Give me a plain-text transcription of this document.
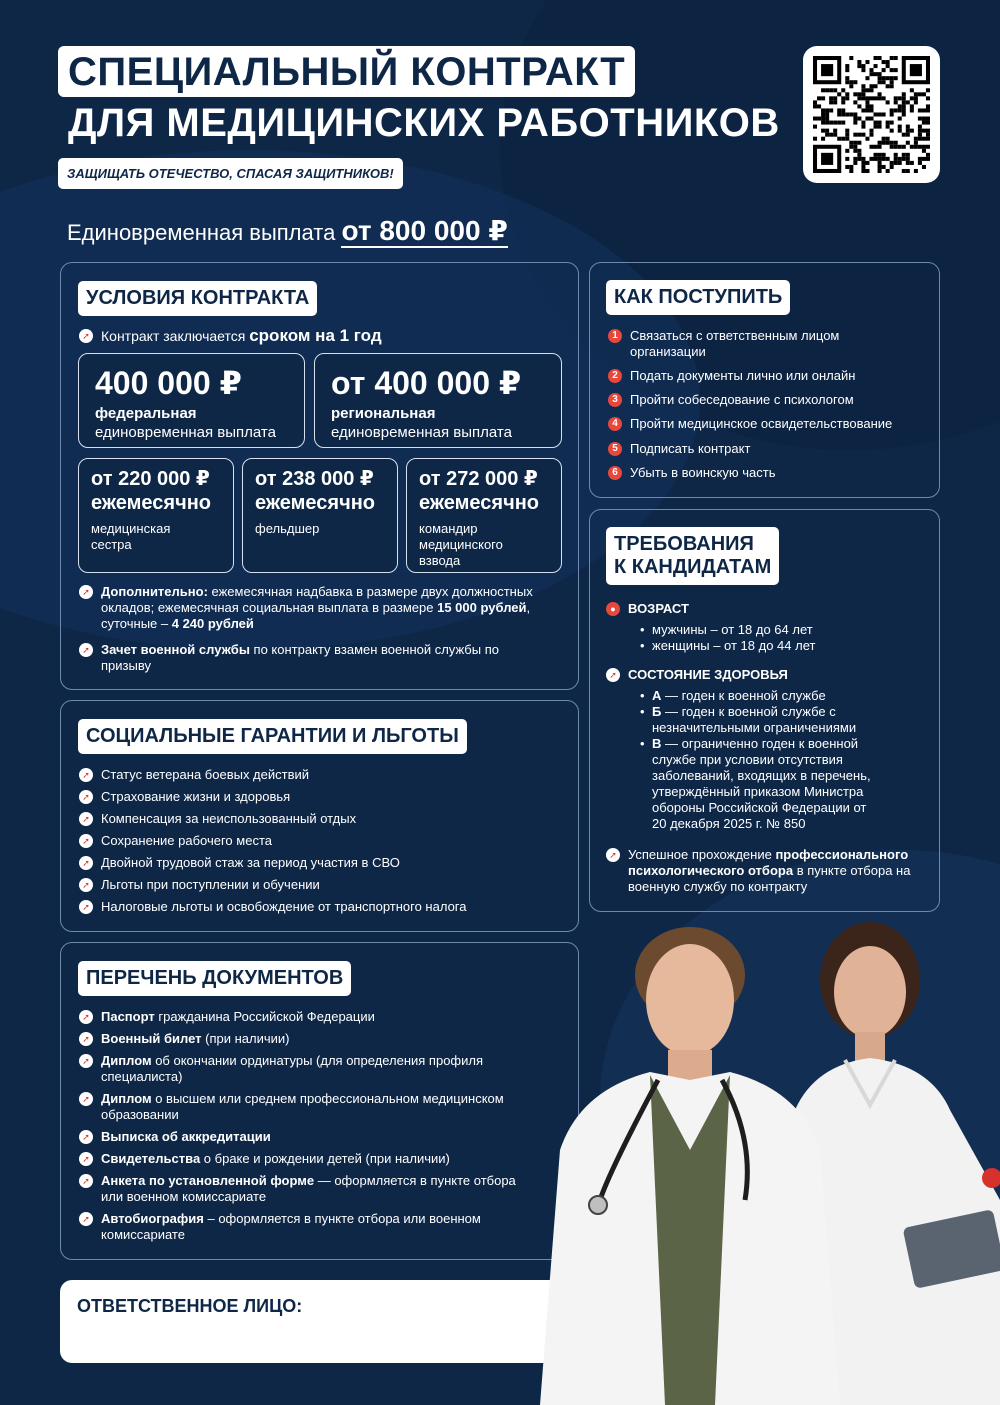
СПЕЦИАЛЬНЫЙ КОНТРАКТ
ДЛЯ МЕДИЦИНСКИХ РАБОТНИКОВ
ЗАЩИЩАТЬ ОТЕЧЕСТВО, СПАСАЯ ЗАЩИТНИКОВ!
Единовременная выплата от 800 000 ₽
УСЛОВИЯ КОНТРАКТА
➚ Контракт заключается сроком на 1 год
400 000 ₽
федеральная
единовременная выплата
от 400 000 ₽
региональная
единовременная выплата
от 220 000 ₽
ежемесячно
медицинская сестра
от 238 000 ₽
ежемесячно
фельдшер
от 272 000 ₽
ежемесячно
командир медицинского взвода
➚ Дополнительно: ежемесячная надбавка в размере двух должностных окладов; ежемесячная социальная выплата в размере 15 000 рублей, суточные – 4 240 рублей
➚ Зачет военной службы по контракту взамен военной службы по призыву
СОЦИАЛЬНЫЕ ГАРАНТИИ И ЛЬГОТЫ
➚ Статус ветерана боевых действий
➚ Страхование жизни и здоровья
➚ Компенсация за неиспользованный отдых
➚ Сохранение рабочего места
➚ Двойной трудовой стаж за период участия в СВО
➚ Льготы при поступлении и обучении
➚ Налоговые льготы и освобождение от транспортного налога
ПЕРЕЧЕНЬ ДОКУМЕНТОВ
➚ Паспорт гражданина Российской Федерации
➚ Военный билет (при наличии)
➚ Диплом об окончании ординатуры (для определения профиля специалиста)
➚ Диплом о высшем или среднем профессиональном медицинском образовании
➚ Выписка об аккредитации
➚ Свидетельства о браке и рождении детей (при наличии)
➚ Анкета по установленной форме — оформляется в пункте отбора или военном комиссариате
➚ Автобиография – оформляется в пункте отбора или военном комиссариате
КАК ПОСТУПИТЬ
1 Связаться с ответственным лицом организации
2 Подать документы лично или онлайн
3 Пройти собеседование с психологом
4 Пройти медицинское освидетельствование
5 Подписать контракт
6 Убыть в воинскую часть
ТРЕБОВАНИЯ
К КАНДИДАТАМ
● ВОЗРАСТ
• мужчины – от 18 до 64 лет
• женщины – от 18 до 44 лет
➚ СОСТОЯНИЕ ЗДОРОВЬЯ
• А — годен к военной службе
• Б — годен к военной службе с незначительными ограничениями
• В — ограниченно годен к военной службе при условии отсутствия заболеваний, входящих в перечень, утверждённый приказом Министра обороны Российской Федерации от 20 декабря 2025 г. № 850
➚ Успешное прохождение профессионального психологического отбора в пункте отбора на военную службу по контракту
ОТВЕТСТВЕННОЕ ЛИЦО:
